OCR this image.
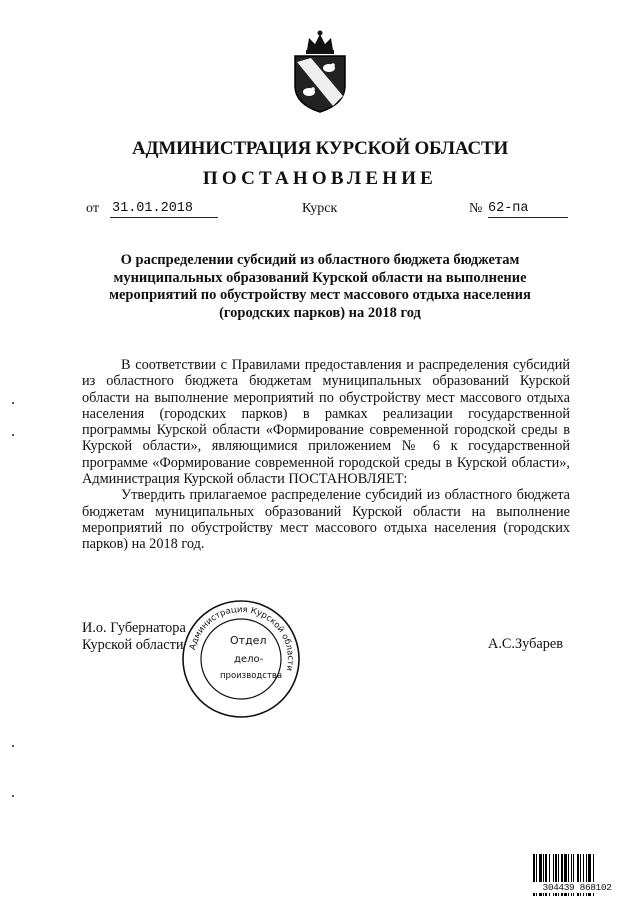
АДМИНИСТРАЦИЯ КУРСКОЙ ОБЛАСТИ
ПОСТАНОВЛЕНИЕ
от 31.01.2018	Курск	№ 62-па
О распределении субсидий из областного бюджета бюджетам муниципальных образований Курской области на выполнение мероприятий по обустройству мест массового отдыха населения (городских парков) на 2018 год

В соответствии с Правилами предоставления и распределения субсидий из областного бюджета бюджетам муниципальных образований Курской области на выполнение мероприятий по обустройству мест массового отдыха населения (городских парков) в рамках реализации государственной программы Курской области «Формирование современной городской среды в Курской области», являющимися приложением № 6 к государственной программе «Формирование современной городской среды в Курской области», Администрация Курской области ПОСТАНОВЛЯЕТ:

Утвердить прилагаемое распределение субсидий из областного бюджета бюджетам муниципальных образований Курской области на выполнение мероприятий по обустройству мест массового отдыха населения (городских парков) на 2018 год.

И.о. Губернатора
Курской области	А.С.Зубарев
Администрация Курской области
Отдел
дело-
производства
304439 868102
